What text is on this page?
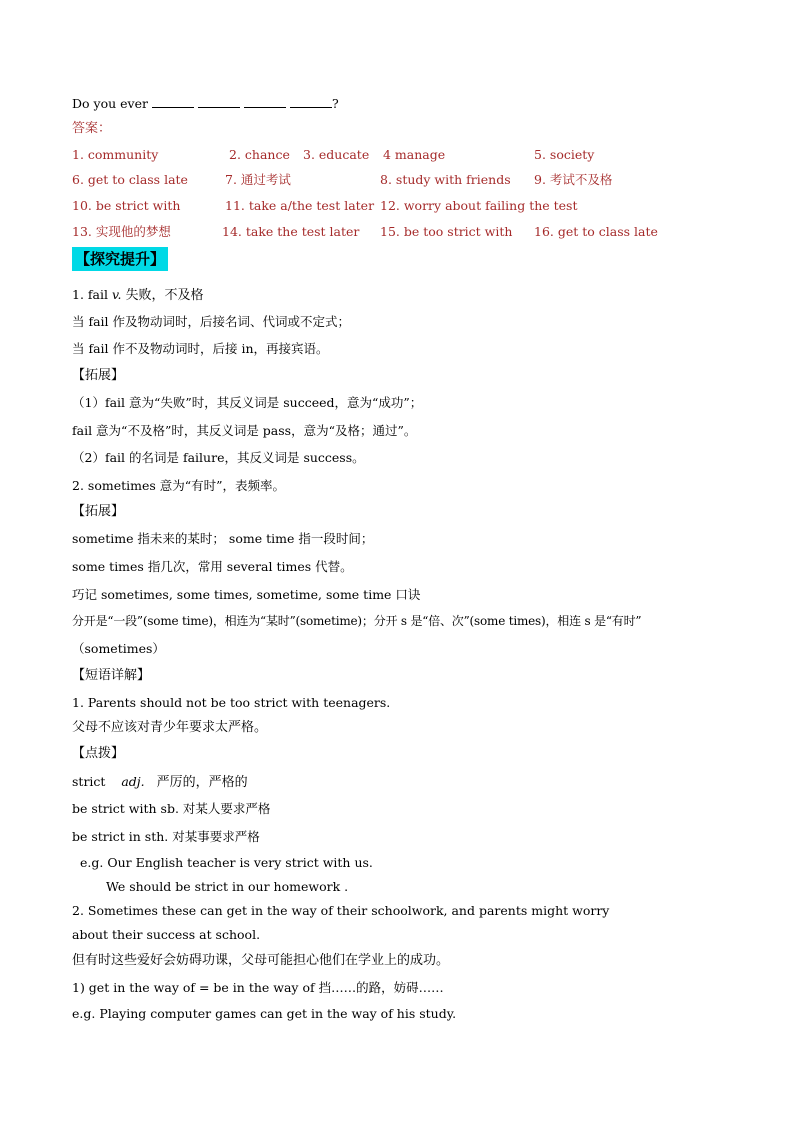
Do you ever	?
答案：
1. community	2. chance 3. educate 4 manage	5. society
6. get to class late	7. 通过考试	8. study with friends 9. 考试不及格
10. be strict with	11. take a/the test later 12. worry about failing the test
13. 实现他的梦想	14. take the test later 15. be too strict with 16. get to class late
【探究提升】
1. fail v. 失败，不及格
当 fail 作及物动词时，后接名词、代词或不定式；
当 fail 作不及物动词时，后接 in，再接宾语。
【拓展】
（1）fail 意为“失败”时，其反义词是 succeed，意为“成功”；
fail 意为“不及格”时，其反义词是 pass，意为“及格；通过”。
（2）fail 的名词是 failure，其反义词是 success。
2. sometimes 意为“有时”，表频率。
【拓展】
sometime 指未来的某时； some time 指一段时间；
some times 指几次，常用 several times 代替。
巧记 sometimes, some times, sometime, some time 口诀
分开是“一段”(some time)，相连为“某时”(sometime)；分开 s 是“倍、次”(some times)，相连 s 是“有时”
（sometimes）
【短语详解】
1. Parents should not be too strict with teenagers.
父母不应该对青少年要求太严格。
【点拨】
strict adj. 严厉的，严格的
be strict with sb. 对某人要求严格
be strict in sth. 对某事要求严格
e.g. Our English teacher is very strict with us.
We should be strict in our homework .
2. Sometimes these can get in the way of their schoolwork, and parents might worry
about their success at school.
但有时这些爱好会妨碍功课，父母可能担心他们在学业上的成功。
1) get in the way of = be in the way of 挡……的路，妨碍……
e.g. Playing computer games can get in the way of his study.
